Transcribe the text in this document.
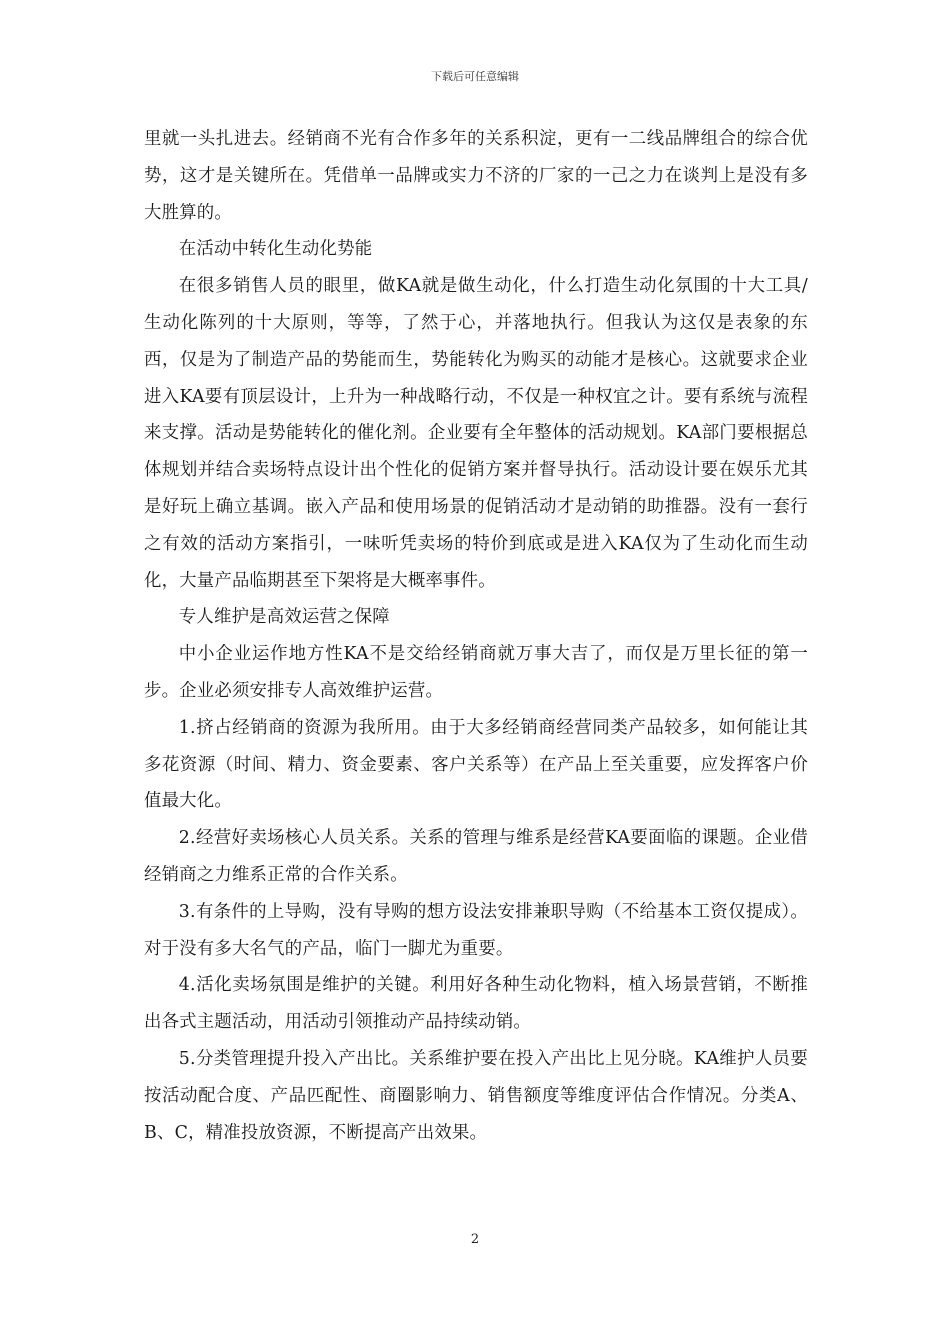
下载后可任意编辑

里就一头扎进去。经销商不光有合作多年的关系积淀，更有一二线品牌组合的综合优势，这才是关键所在。凭借单一品牌或实力不济的厂家的一己之力在谈判上是没有多大胜算的。

在活动中转化生动化势能

在很多销售人员的眼里，做KA就是做生动化，什么打造生动化氛围的十大工具/生动化陈列的十大原则，等等，了然于心，并落地执行。但我认为这仅是表象的东西，仅是为了制造产品的势能而生，势能转化为购买的动能才是核心。这就要求企业进入KA要有顶层设计，上升为一种战略行动，不仅是一种权宜之计。要有系统与流程来支撑。活动是势能转化的催化剂。企业要有全年整体的活动规划。KA部门要根据总体规划并结合卖场特点设计出个性化的促销方案并督导执行。活动设计要在娱乐尤其是好玩上确立基调。嵌入产品和使用场景的促销活动才是动销的助推器。没有一套行之有效的活动方案指引，一味听凭卖场的特价到底或是进入KA仅为了生动化而生动化，大量产品临期甚至下架将是大概率事件。

专人维护是高效运营之保障

中小企业运作地方性KA不是交给经销商就万事大吉了，而仅是万里长征的第一步。企业必须安排专人高效维护运营。

1.挤占经销商的资源为我所用。由于大多经销商经营同类产品较多，如何能让其多花资源（时间、精力、资金要素、客户关系等）在产品上至关重要，应发挥客户价值最大化。

2.经营好卖场核心人员关系。关系的管理与维系是经营KA要面临的课题。企业借经销商之力维系正常的合作关系。

3.有条件的上导购，没有导购的想方设法安排兼职导购（不给基本工资仅提成）。对于没有多大名气的产品，临门一脚尤为重要。

4.活化卖场氛围是维护的关键。利用好各种生动化物料，植入场景营销，不断推出各式主题活动，用活动引领推动产品持续动销。

5.分类管理提升投入产出比。关系维护要在投入产出比上见分晓。KA维护人员要按活动配合度、产品匹配性、商圈影响力、销售额度等维度评估合作情况。分类A、B、C，精准投放资源，不断提高产出效果。

2
